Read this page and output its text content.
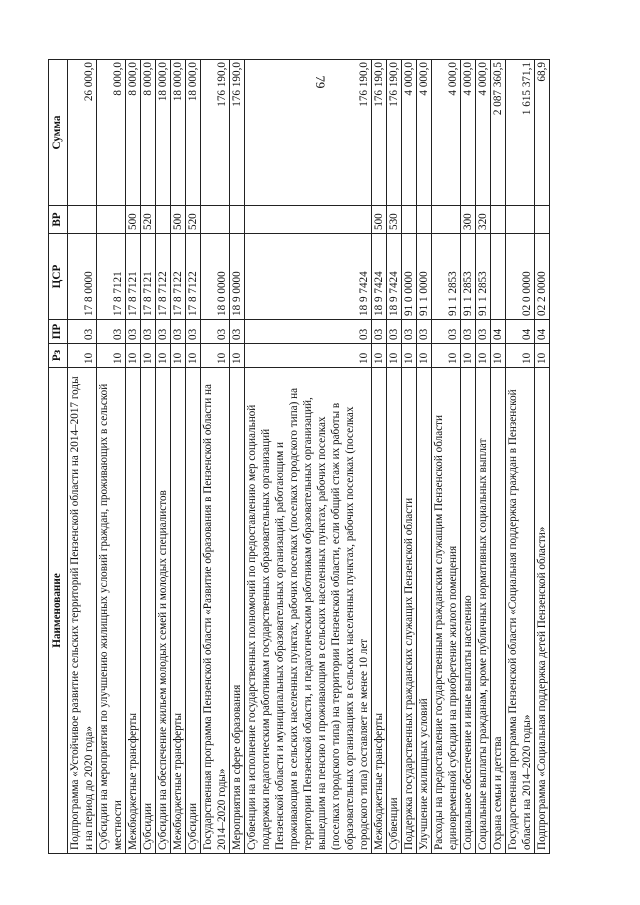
79
Наименование	Рз	ПР	ЦСР	ВР	Сумма
Подпрограмма «Устойчивое развитие сельских территорий Пензенской области на 2014–2017 годы и на период до 2020 года»	10	03	17 8 0000		26 000,0
Субсидии на мероприятия по улучшению жилищных условий граждан, проживающих в сельской местности	10	03	17 8 7121		8 000,0
Межбюджетные трансферты	10	03	17 8 7121	500	8 000,0
Субсидии	10	03	17 8 7121	520	8 000,0
Субсидии на обеспечение жильем молодых семей и молодых специалистов	10	03	17 8 7122		18 000,0
Межбюджетные трансферты	10	03	17 8 7122	500	18 000,0
Субсидии	10	03	17 8 7122	520	18 000,0
Государственная программа Пензенской области «Развитие образования в Пензенской области на 2014–2020 годы»	10	03	18 0 0000		176 190,0
Мероприятия в сфере образования	10	03	18 9 0000		176 190,0
Субвенции на исполнение государственных полномочий по предоставлению мер социальной поддержки педагогическим работникам государственных образовательных организаций Пензенской области и муниципальных образовательных организаций, работающим и проживающим в сельских населенных пунктах, рабочих поселках (поселках городского типа) на территории Пензенской области, и педагогическим работникам образовательных организаций, вышедшим на пенсию и проживающим в сельских населенных пунктах, рабочих поселках (поселках городского типа) на территории Пензенской области, если общий стаж их работы в образовательных организациях в сельских населенных пунктах, рабочих поселках (поселках городского типа) составляет не менее 10 лет	10	03	18 9 7424		176 190,0
Межбюджетные трансферты	10	03	18 9 7424	500	176 190,0
Субвенции	10	03	18 9 7424	530	176 190,0
Поддержка государственных гражданских служащих Пензенской области	10	03	91 0 0000		4 000,0
Улучшение жилищных условий	10	03	91 1 0000		4 000,0
Расходы на предоставление государственным гражданским служащим Пензенской области единовременной субсидии на приобретение жилого помещения	10	03	91 1 2853		4 000,0
Социальное обеспечение и иные выплаты населению	10	03	91 1 2853	300	4 000,0
Социальные выплаты гражданам, кроме публичных нормативных социальных выплат	10	03	91 1 2853	320	4 000,0
Охрана семьи и детства	10	04			2 087 360,5
Государственная программа Пензенской области «Социальная поддержка граждан в Пензенской области на 2014–2020 годы»	10	04	02 0 0000		1 615 371,1
Подпрограмма «Социальная поддержка детей Пензенской области»	10	04	02 2 0000		68,9
